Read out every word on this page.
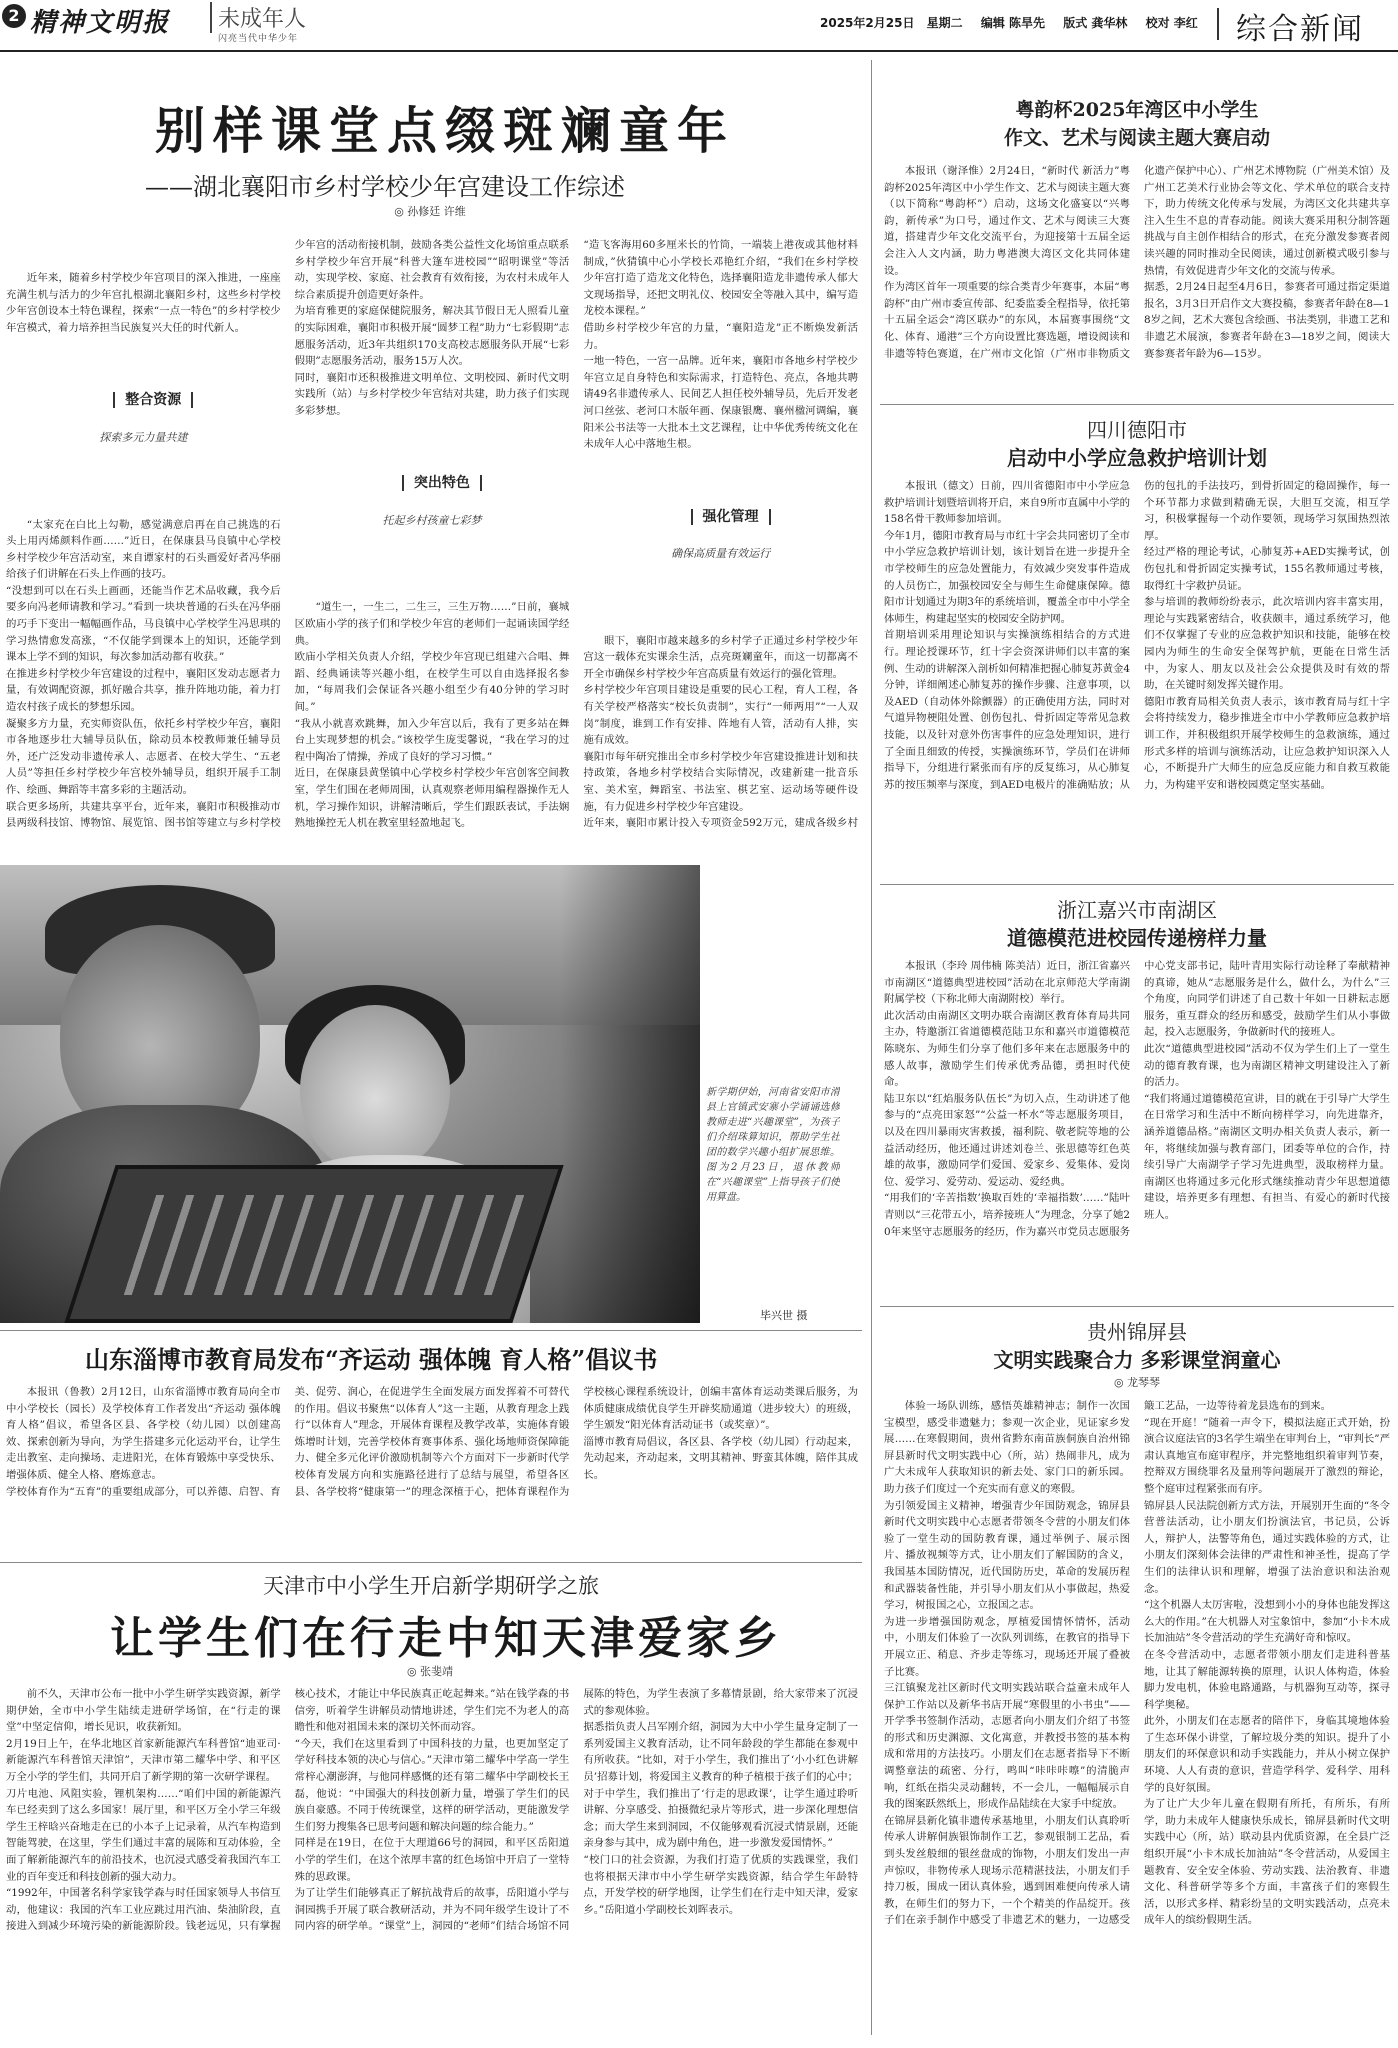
2 精神文明报	未成年人
闪亮当代中华少年
2025年2月25日 星期二 编辑 陈旱先 版式 龚华林 校对 李红 综合新闻
别样课堂点缀斑斓童年
——湖北襄阳市乡村学校少年宫建设工作综述
◎ 孙修廷 许维

近年来，随着乡村学校少年宫项目的深入推进，一座座充满生机与活力的少年宫扎根湖北襄阳乡村，这些乡村学校少年宫创设本土特色课程，探索“一点一特色”的乡村学校少年宫模式，着力培养担当民族复兴大任的时代新人。

整合资源

探索多元力量共建

“太家充在白比上勾勒，感觉满意启再在自己挑选的石头上用丙烯颜料作画……”近日，在保康县马良镇中心学校乡村学校少年宫活动室，来自谭家村的石头画爱好者冯华丽给孩子们讲解在石头上作画的技巧。
“没想到可以在石头上画画，还能当作艺术品收藏，我今后要多向冯老师请教和学习。”看到一块块普通的石头在冯华丽的巧手下变出一幅幅画作品，马良镇中心学校学生冯思琪的学习热情愈发高涨，“不仅能学到课本上的知识，还能学到课本上学不到的知识，每次参加活动都有收获。”
在推进乡村学校少年宫建设的过程中，襄阳区发动志愿者力量，有效调配资源，抓好融合共享，推升阵地功能，着力打造农村孩子成长的梦想乐园。
凝聚多方力量，充实师资队伍，依托乡村学校少年宫，襄阳市各地逐步壮大辅导员队伍，除动员本校教师兼任辅导员外，还广泛发动非遗传承人、志愿者、在校大学生、“五老人员”等担任乡村学校少年宫校外辅导员，组织开展手工制作、绘画、舞蹈等丰富多彩的主题活动。
联合更多场所，共建共享平台，近年来，襄阳市积极推动市县两级科技馆、博物馆、展览馆、图书馆等建立与乡村学校少年宫的活动衔接机制，鼓励各类公益性文化场馆重点联系乡村学校少年宫开展“科普大篷车进校园”“昭明课堂”等活动，实现学校、家庭、社会教育有效衔接，为农村未成年人综合素质提升创造更好条件。
为培育雅更的家庭保健院服务，解决其节假日无人照看儿童的实际困难，襄阳市积极开展“圆梦工程”助力“七彩假期”志愿服务活动，近3年共组织170支高校志愿服务队开展“七彩假期”志愿服务活动，服务15万人次。
同时，襄阳市还积极推进文明单位、文明校园、新时代文明实践所（站）与乡村学校少年宫结对共建，助力孩子们实现多彩梦想。

突出特色

托起乡村孩童七彩梦

“道生一，一生二，二生三，三生万物……”日前，襄城区欧庙小学的孩子们和学校少年宫的老师们一起诵读国学经典。
欧庙小学相关负责人介绍，学校少年宫现已组建六合唱、舞蹈、经典诵读等兴趣小组，在校学生可以自由选择报名参加，“每周我们会保证各兴趣小组至少有40分钟的学习时间。”
“我从小就喜欢跳舞，加入少年宫以后，我有了更多站在舞台上实现梦想的机会。”该校学生庞雯馨说，“我在学习的过程中陶冶了情操，养成了良好的学习习惯。”
近日，在保康县黄堡镇中心学校乡村学校少年宫创客空间教室，学生们围在老师周围，认真观察老师用编程器操作无人机，学习操作知识，讲解清晰后，学生们跟跃表试，手法娴熟地操控无人机在教室里轻盈地起飞。
“造飞客海用60多厘米长的竹筒，一端装上港夜或其他材料制成，”伙猜镇中心小学校长邓艳红介绍，“我们在乡村学校少年宫打造了造龙文化特色，选择襄阳造龙非遗传承人郁大文现场指导，还把文明礼仪、校园安全等融入其中，编写造龙校本课程。”
借助乡村学校少年宫的力量，“襄阳造龙”正不断焕发新活力。
一地一特色，一宫一品牌。近年来，襄阳市各地乡村学校少年宫立足自身特色和实际需求，打造特色、亮点，各地共聘请49名非遗传承人、民间艺人担任校外辅导员，先后开发老河口丝弦、老河口木版年画、保康银鹰、襄州楹河调编，襄阳米公书法等一大批本土文艺课程，让中华优秀传统文化在未成年人心中落地生根。

强化管理

确保高质量有效运行

眼下，襄阳市越来越多的乡村学子正通过乡村学校少年宫这一载体充实课余生活，点亮斑斓童年，而这一切都离不开全市确保乡村学校少年宫高质量有效运行的强化管理。
乡村学校少年宫项目建设是重要的民心工程，育人工程，各有关学校严格落实“校长负责制”，实行“一师两用”“一人双岗”制度，谁到工作有安排、阵地有人管，活动有人排，实施有成效。
襄阳市每年研究推出全市乡村学校少年宫建设推进计划和扶持政策，各地乡村学校结合实际情况，改建新建一批音乐室、美术室，舞蹈室、书法室、棋艺室、运动场等硬件设施，有力促进乡村学校少年宫建设。
近年来，襄阳市累计投入专项资金592万元，建成各级乡村

新学期伊始，河南省安阳市滑县上官镇武安寨小学诵诵选修教师走进“兴趣课堂”，为孩子们介绍珠算知识，帮助学生社团的数学兴趣小组扩展思维。图为2月23日，退休教师在“兴趣课堂”上指导孩子们使用算盘。
毕兴世 摄
山东淄博市教育局发布“齐运动 强体魄 育人格”倡议书
本报讯（鲁教）2月12日，山东省淄博市教育局向全市中小学校长（园长）及学校体育工作者发出“齐运动 强体魄 育人格”倡议，希望各区县、各学校（幼儿园）以创建高效、探索创新为导向，为学生搭建多元化运动平台，让学生走出教室、走向操场、走进阳光，在体育锻炼中享受快乐、增强体质、健全人格、磨炼意志。
学校体育作为“五育”的重要组成部分，可以养德、启智、育美、促劳、润心，在促进学生全面发展方面发挥着不可替代的作用。倡议书聚焦“以体育人”这一主题，从教育理念上践行“以体育人”理念，开展体育课程及教学改革，实施体育锻炼增时计划，完善学校体育赛事体系、强化场地师资保障能力、健全多元化评价激励机制等六个方面对下一步新时代学校体育发展方向和实施路径进行了总结与展望，希望各区县、各学校将“健康第一”的理念深植于心，把体育课程作为学校核心课程系统设计，创编丰富体育运动类课后服务，为体质健康成绩优良学生开辟奖励通道（进步较大）的班级，学生颁发“阳光体育活动证书（或奖章）”。
淄博市教育局倡议，各区县、各学校（幼儿园）行动起来，先动起来，齐动起来，文明其精神、野蛮其体魄，陪伴其成长。
天津市中小学生开启新学期研学之旅
让学生们在行走中知天津爱家乡
◎ 张斐靖
前不久，天津市公布一批中小学生研学实践资源，新学期伊始，全市中小学生陆续走进研学场馆，在“行走的课堂”中坚定信仰，增长见识，收获新知。
2月19日上午，在华北地区首家新能源汽车科普馆“迪亚司·新能源汽车科普馆天津馆”，天津市第二耀华中学、和平区万全小学的学生们，共同开启了新学期的第一次研学课程。
刀片电池、风阻实验，锂机架构……“咱们中国的新能源汽车已经卖到了这么多国家！展厅里，和平区万全小学三年级学生王梓晗兴奋地走在已的小本子上记录着，从汽车构造到智能驾驶，在这里，学生们通过丰富的展陈和互动体验，全面了解新能源汽车的前沿技术，也沉浸式感受着我国汽车工业的百年变迁和科技创新的强大动力。
“1992年，中国著名科学家钱学森与时任国家领导人书信互动，他建议：我国的汽车工业应跳过用汽油、柴油阶段，直接进入到减少环境污染的新能源阶段。钱老远见，只有掌握核心技术，才能让中华民族真正屹起舞来。”站在钱学森的书信旁，听着学生讲解员动情地讲述，学生们完不为老人的高瞻性和他对祖国未来的深切关怀而动容。
“今天，我们在这里看到了中国科技的力量，也更加坚定了学好科技本领的决心与信心。”天津市第二耀华中学高一学生常梓心潮澎湃，与他同样感慨的还有第二耀华中学副校长王磊，他说：“中国强大的科技创新力量，增强了学生们的民族自豪感。不同于传统课堂，这样的研学活动，更能激发学生们努力搜集各已思考问题和解决问题的综合能力。”
同样是在19日，在位于大理道66号的洞园，和平区岳阳道小学的学生们，在这个浓厚丰富的红色场馆中开启了一堂特殊的思政课。
为了让学生们能够真正了解抗战背后的故事，岳阳道小学与洞园携手开展了联合教研活动，并为不同年级学生设计了不同内容的研学单。“课堂”上，洞园的“老师”们结合场馆不同展陈的特色，为学生表演了多幕情景剧，给大家带来了沉浸式的参观体验。
据悉指负责人吕军刚介绍，洞园为大中小学生量身定制了一系列爱国主义教育活动，让不同年龄段的学生都能在参观中有所收获。“比如，对于小学生，我们推出了‘小小红色讲解员’招募计划，将爱国主义教育的种子植根于孩子们的心中；对于中学生，我们推出了‘行走的思政课’，让学生通过聆听讲解、分享感受、拍摄微纪录片等形式，进一步深化理想信念；而大学生来到洞园，不仅能够观看沉浸式情景剧，还能亲身参与其中，成为剧中角色，进一步激发爱国情怀。”
“校门口的社会资源，为我们打造了优质的实践课堂，我们也将根据天津市中小学生研学实践资源，结合学生年龄特点，开发学校的研学地图，让学生们在行走中知天津，爱家乡。”岳阳道小学副校长刘晖表示。
粤韵杯2025年湾区中小学生
作文、艺术与阅读主题大赛启动
本报讯（谢泽惟）2月24日，“新时代 新活力”粤韵杯2025年湾区中小学生作文、艺术与阅读主题大赛（以下简称“粤韵杯”）启动，这场文化盛宴以“兴粤韵，新传承”为口号，通过作文、艺术与阅读三大赛道，搭建青少年文化交流平台，为迎接第十五届全运会注入人文内涵，助力粤港澳大湾区文化共同体建设。
作为湾区首年一项重要的综合类青少年赛事，本届“粤韵杯”由广州市委宣传部、纪委监委全程指导，依托第十五届全运会“湾区联办”的东风，本届赛事围绕“文化、体育、通港”三个方向设置比赛选题，增设阅读和非遗等特色赛道，在广州市文化馆（广州市非物质文化遗产保护中心）、广州艺术博物院（广州美术馆）及广州工艺美术行业协会等文化、学术单位的联合支持下，助力传统文化传承与发展，为湾区文化共建共享注入生生不息的青春动能。阅读大赛采用积分制答题挑战与自主创作相结合的形式，在充分激发参赛者阅读兴趣的同时推动全民阅读，通过创新模式吸引参与热情，有效促进青少年文化的交流与传承。
据悉，2月24日起至4月6日，参赛者可通过指定渠道报名，3月3日开启作文大赛投稿，参赛者年龄在8—18岁之间，艺术大赛包含绘画、书法类别，非遗工艺和非遗艺术展演，参赛者年龄在3—18岁之间，阅读大赛参赛者年龄为6—15岁。
四川德阳市
启动中小学应急救护培训计划
本报讯（德文）日前，四川省德阳市中小学应急救护培训计划暨培训将开启，来自9所市直属中小学的158名骨干教师参加培训。
今年1月，德阳市教育局与市红十字会共同密切了全市中小学应急救护培训计划，该计划旨在进一步提升全市学校师生的应急处置能力，有效减少突发事件造成的人员伤亡，加强校园安全与师生生命健康保障。德阳市计划通过为期3年的系统培训，覆盖全市中小学全体师生，构建起坚实的校园安全防护网。
首期培训采用理论知识与实操演练相结合的方式进行。理论授课环节，红十字会资深讲师们以丰富的案例、生动的讲解深入剖析如何精准把握心肺复苏黄金4分钟，详细阐述心肺复苏的操作步骤、注意事项，以及AED（自动体外除颤器）的正确使用方法，同时对气道异物梗阻处置、创伤包扎、骨折固定等常见急救技能，以及针对意外伤害事件的应急处理知识，进行了全面且细致的传授，实操演练环节，学员们在讲师指导下，分组进行紧张而有序的反复练习，从心肺复苏的按压频率与深度，到AED电极片的准确贴放；从伤的包扎的手法技巧，到骨折固定的稳固操作，每一个环节都力求做到精确无误，大胆互交流，相互学习，积极掌握每一个动作要领，现场学习氛围热烈浓厚。
经过严格的理论考试，心肺复苏+AED实操考试，创伤包扎和骨折固定实操考试，155名教师通过考核，取得红十字救护员证。
参与培训的教师纷纷表示，此次培训内容丰富实用，理论与实践紧密结合，收获颇丰，通过系统学习，他们不仅掌握了专业的应急救护知识和技能，能够在校园内为师生的生命安全保驾护航，更能在日常生活中，为家人、朋友以及社会公众提供及时有效的帮助，在关键时刻发挥关键作用。
德阳市教育局相关负责人表示，该市教育局与红十字会将持续发力，稳步推进全市中小学教师应急救护培训工作，并积极组织开展学校师生的急救演练，通过形式多样的培训与演练活动，让应急救护知识深入人心，不断提升广大师生的应急反应能力和自救互救能力，为构建平安和谐校园奠定坚实基础。
浙江嘉兴市南湖区
道德模范进校园传递榜样力量
本报讯（李玲 周伟楠 陈美洁）近日，浙江省嘉兴市南湖区“道德典型进校园”活动在北京师范大学南湖附属学校（下称北师大南湖附校）举行。
此次活动由南湖区文明办联合南湖区教育体育局共同主办，特邀浙江省道德模范陆卫东和嘉兴市道德模范陈晓东、为师生们分享了他们多年来在志愿服务中的感人故事，激励学生们传承优秀品德，勇担时代使命。
陆卫东以“红焰服务队伍长”为切入点，生动讲述了他参与的“点亮田家怒”“公益一杯水”等志愿服务项目，以及在四川暴雨灾害救援，福利院、敬老院等地的公益活动经历，他还通过讲述刘卷兰、张思德等红色英雄的故事，激励同学们爱国、爱家乡、爱集体、爱岗位、爱学习、爱劳动、爱运动、爱经典。
“用我们的‘辛苦指数’换取百姓的‘幸福指数’……”陆叶青则以“三花带五小，培养接班人”为理念，分享了她20年来坚守志愿服务的经历，作为嘉兴市党员志愿服务中心党支部书记，陆叶青用实际行动诠释了奉献精神的真谛，她从“志愿服务是什么，做什么，为什么”三个角度，向同学们讲述了自己数十年如一日耕耘志愿服务，重互群众的经历和感受，鼓励学生们从小事做起，投入志愿服务，争做新时代的接班人。
此次“道德典型进校园”活动不仅为学生们上了一堂生动的德育教育课，也为南湖区精神文明建设注入了新的活力。
“我们将通过道德模范宣讲，目的就在于引导广大学生在日常学习和生活中不断向榜样学习，向先进靠齐，涵养道德品格。”南湖区文明办相关负责人表示，新一年，将继续加强与教育部门，团委等单位的合作，持续引导广大南湖学子学习先进典型，汲取榜样力量。南湖区也将通过多元化形式继续推动青少年思想道德建设，培养更多有理想、有担当、有爱心的新时代接班人。
贵州锦屏县
文明实践聚合力 多彩课堂润童心
◎ 龙琴琴
体验一场队训练，感悟英雄精神志；制作一次国宝模型，感受非遗魅力；参观一次企业，见证家乡发展……在寒假期间，贵州省黔东南苗族侗族自治州锦屏县新时代文明实践中心（所，站）热闹非凡，成为广大未成年人获取知识的新去处、家门口的新乐园。助力孩子们度过一个充实而有意义的寒假。
为引领爱国主义精神，增强青少年国防观念，锦屏县新时代文明实践中心志愿者带领冬令营的小朋友们体验了一堂生动的国防教育课，通过举例子、展示图片、播放视频等方式，让小朋友们了解国防的含义，我国基本国防情况，近代国防历史，革命的发展历程和武器装备性能，并引导小朋友们从小事做起，热爱学习，树报国之心，立报国之志。
为进一步增强国防观念，厚植爱国情怀情怀，活动中，小朋友们体验了一次队列训练，在教官的指导下开展立正、稍息、齐步走等练习，现场还开展了叠被子比赛。
三江镇聚龙社区新时代文明实践站联合益童未成年人保护工作站以及新华书店开展“寒假里的小书虫”——开学季书签制作活动，志愿者向小朋友们介绍了书签的形式和历史渊源、文化寓意，并教授书签的基本构成和常用的方法技巧。小朋友们在志愿者指导下不断调整章法的疏密、分行，鸣叫“咔咔咔嚓”的清脆声响，红纸在指尖灵动翻转，不一会儿，一幅幅展示自我的图案跃然纸上，形成作品陆续在大家手中绽放。
在锦屏县新化镇非遗传承基地里，小朋友们认真聆听传承人讲解侗族银饰制作工艺，参观银制工艺品，看到头发丝般细的银丝盘成的饰物，小朋友们发出一声声惊叹，非物传承人现场示范精湛技法，小朋友们手持刀板，围成一团认真体验，遇到困难便向传承人请教，在师生们的努力下，一个个精美的作品绽开。孩子们在亲手制作中感受了非遗艺术的魅力，一边感受簸工艺品，一边等待着龙县选布的到来。
“现在开庭！”随着一声令下，模拟法庭正式开始，扮演合议庭法官的3名学生端坐在审判台上，“审判长”严肃认真地宣布庭审程序，并完整地组织着审判节奏，控辩双方围绕罪名及量刑等问题展开了激烈的辩论，整个庭审过程紧张而有序。
锦屏县人民法院创新方式方法，开展别开生面的“冬令营普法活动，让小朋友们扮演法官，书记员，公诉人，辩护人，法警等角色，通过实践体验的方式，让小朋友们深刻体会法律的严肃性和神圣性，提高了学生们的法律认识和理解，增强了法治意识和法治观念。
“这个机器人太厉害啦，没想到小小的身体也能发挥这么大的作用。”在大机器人对宝象馆中，参加“小卡木成长加油站”冬令营活动的学生充满好奇和惊叹。
在冬令营活动中，志愿者带领小朋友们走进科普基地，让其了解能源转换的原理，认识人体构造，体验脚力发电机，体验电路通路，与机器狗互动等，探寻科学奥秘。
此外，小朋友们在志愿者的陪伴下，身临其境地体验了生态环保小讲堂，了解垃圾分类的知识。提升了小朋友们的环保意识和动手实践能力，并从小树立保护环境、人人有责的意识，营造学科学、爱科学、用科学的良好氛围。
为了让广大少年儿童在假期有所托，有所乐，有所学，助力未成年人健康快乐成长，锦屏县新时代文明实践中心（所，站）联动县内优质资源，在全县广泛组织开展“小卡木成长加油站”冬令营活动，从爱国主题教育、安全安全体验、劳动实践、法治教育、非遗文化、科普研学等多个方面，丰富孩子们的寒假生活，以形式多样、精彩纷呈的文明实践活动，点亮未成年人的缤纷假期生活。
